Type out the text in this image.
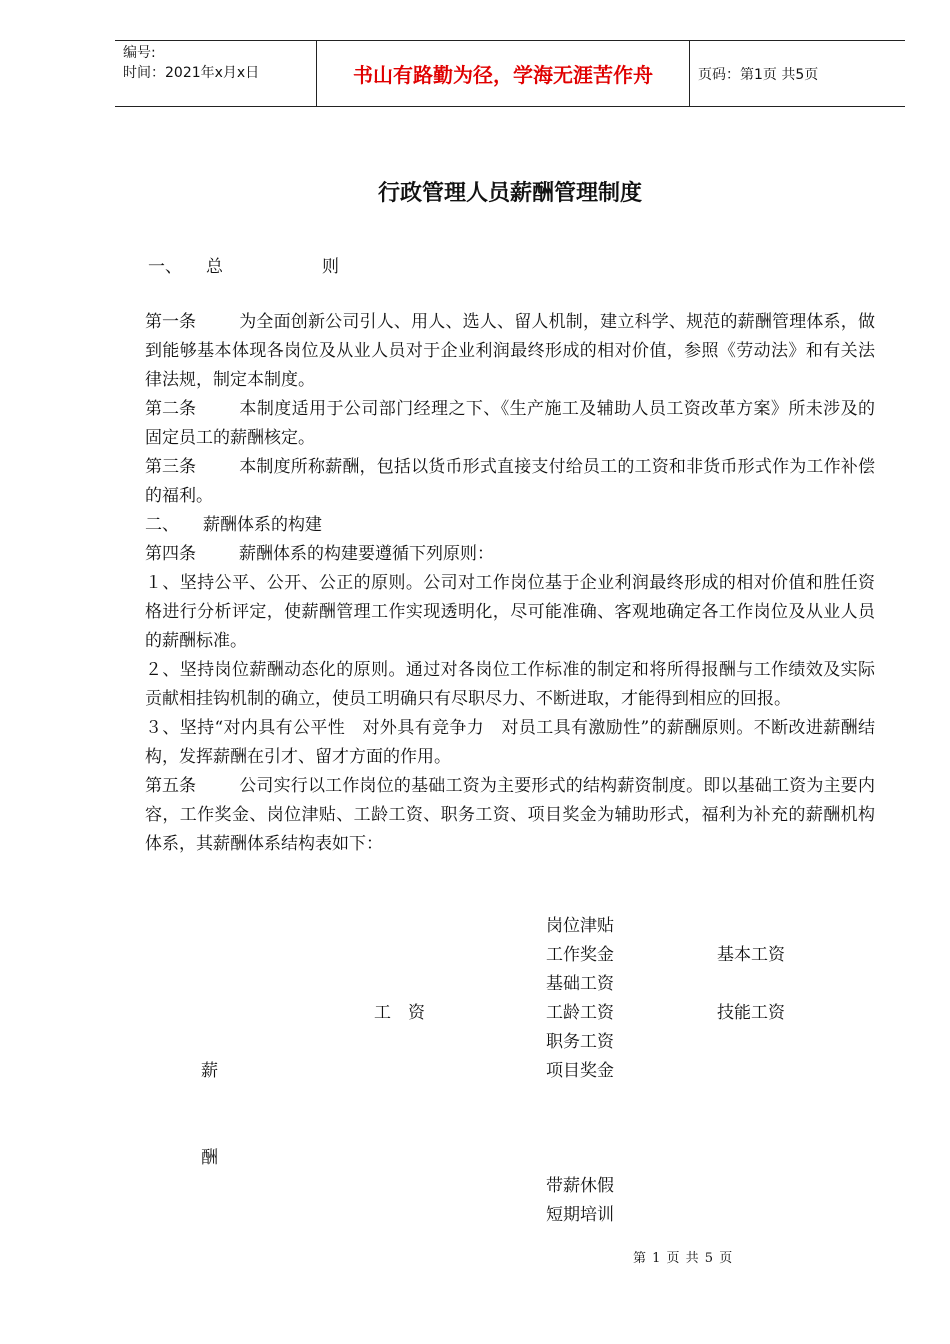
编号:
时间：2021年x月x日	书山有路勤为径，学海无涯苦作舟	页码：第1页 共5页
行政管理人员薪酬管理制度
一、 总	则

第一条	为全面创新公司引人、用人、选人、留人机制，建立科学、规范的薪酬管理体系，做到能够基本体现各岗位及从业人员对于企业利润最终形成的相对价值，参照《劳动法》和有关法律法规，制定本制度。

第二条	本制度适用于公司部门经理之下、《生产施工及辅助人员工资改革方案》所未涉及的固定员工的薪酬核定。

第三条	本制度所称薪酬，包括以货币形式直接支付给员工的工资和非货币形式作为工作补偿的福利。

二、 薪酬体系的构建

第四条	薪酬体系的构建要遵循下列原则：

１、坚持公平、公开、公正的原则。公司对工作岗位基于企业利润最终形成的相对价值和胜任资格进行分析评定，使薪酬管理工作实现透明化，尽可能准确、客观地确定各工作岗位及从业人员的薪酬标准。

２、坚持岗位薪酬动态化的原则。通过对各岗位工作标准的制定和将所得报酬与工作绩效及实际贡献相挂钩机制的确立，使员工明确只有尽职尽力、不断进取，才能得到相应的回报。

３、坚持“对内具有公平性　对外具有竞争力　对员工具有激励性”的薪酬原则。不断改进薪酬结构，发挥薪酬在引才、留才方面的作用。

第五条	公司实行以工作岗位的基础工资为主要形式的结构薪资制度。即以基础工资为主要内容，工作奖金、岗位津贴、工龄工资、职务工资、项目奖金为辅助形式，福利为补充的薪酬机构体系，其薪酬体系结构表如下：

薪
酬
工　资
岗位津贴
工作奖金
基础工资
工龄工资
职务工资
项目奖金
基本工资
技能工资
带薪休假
短期培训
第 1 页 共 5 页
